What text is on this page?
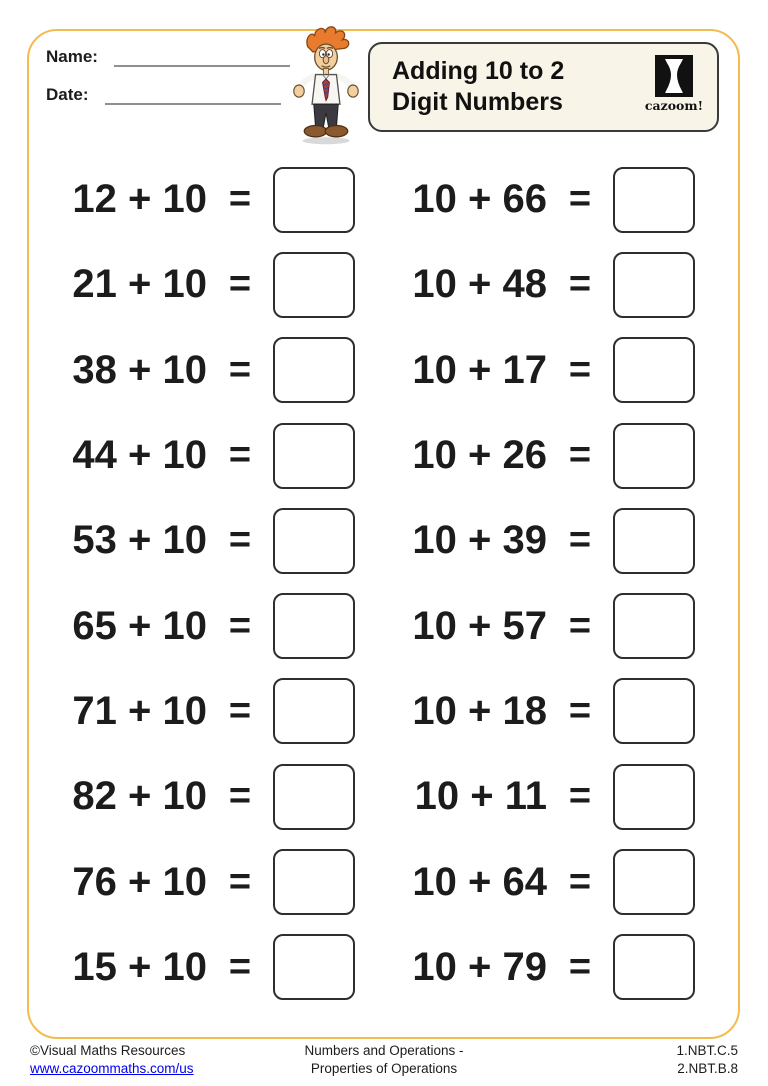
Name:
Date:
Adding 10 to 2
Digit Numbers	cazoom!
12 + 10 =
21 + 10 =
38 + 10 =
44 + 10 =
53 + 10 =
65 + 10 =
71 + 10 =
82 + 10 =
76 + 10 =
15 + 10 =
10 + 66 =
10 + 48 =
10 + 17 =
10 + 26 =
10 + 39 =
10 + 57 =
10 + 18 =
10 + 11 =
10 + 64 =
10 + 79 =
©Visual Maths Resources
www.cazoommaths.com/us
Numbers and Operations -
Properties of Operations
1.NBT.C.5
2.NBT.B.8
